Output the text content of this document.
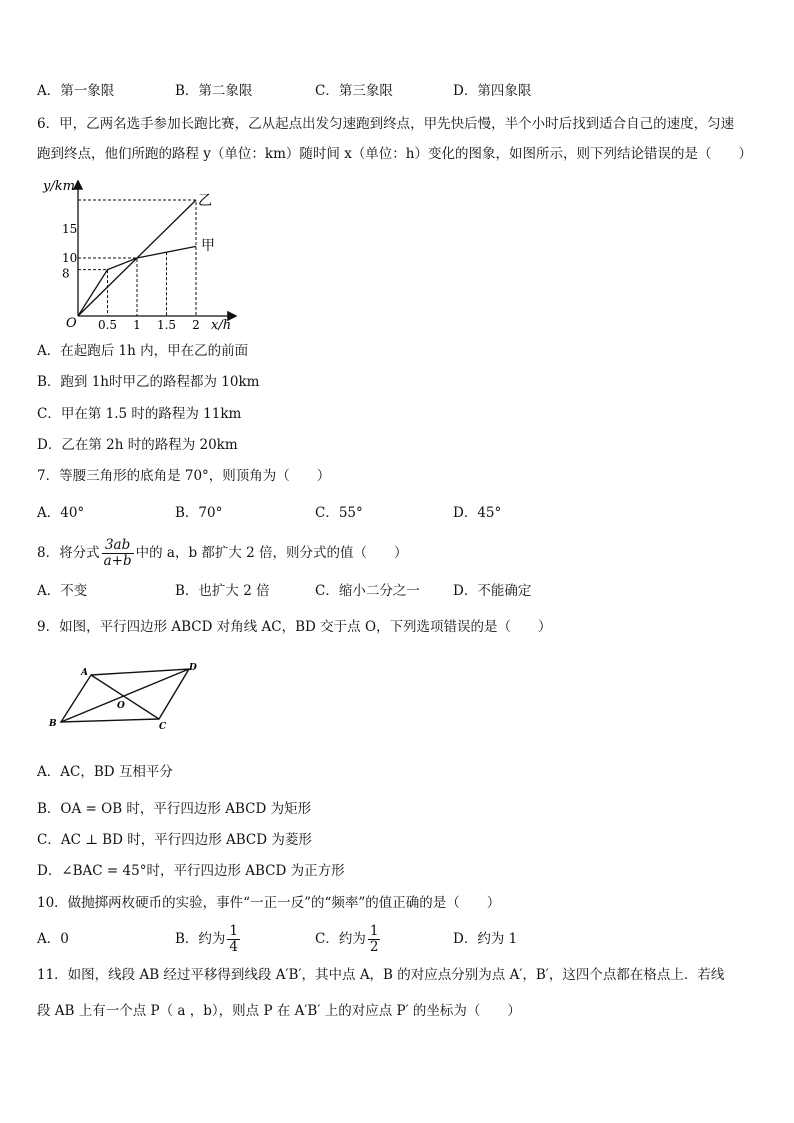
A．第一象限	B．第二象限	C．第三象限	D．第四象限
6．甲，乙两名选手参加长跑比赛，乙从起点出发匀速跑到终点，甲先快后慢，半个小时后找到适合自己的速度，匀速
跑到终点，他们所跑的路程 y（单位：km）随时间 x（单位：h）变化的图象，如图所示，则下列结论错误的是（　　）
15
10
8
0.5 1 1.5 2
y/km
x/h
O
乙
甲
A．在起跑后 1h 内，甲在乙的前面
B．跑到 1h时甲乙的路程都为 10km
C．甲在第 1.5 时的路程为 11km
D．乙在第 2h 时的路程为 20km
7．等腰三角形的底角是 70°，则顶角为（　　）
A．40°	B．70°	C．55°	D．45°
8．将分式 $\frac{3ab}{a+b}$ 中的 a，b 都扩大 2 倍，则分式的值（　　）
A．不变	B．也扩大 2 倍	C．缩小二分之一 D．不能确定
9．如图，平行四边形 ABCD 对角线 AC，BD 交于点 O，下列选项错误的是（　　）
A	D
B	C
O
A．AC，BD 互相平分
B．OA = OB 时，平行四边形 ABCD 为矩形
C．AC ⊥ BD 时，平行四边形 ABCD 为菱形
D．∠BAC = 45°时，平行四边形 ABCD 为正方形
10．做抛掷两枚硬币的实验，事件“一正一反”的“频率”的值正确的是（　　）
A．0	B．约为 $\frac{1}{4}$	C．约为 $\frac{1}{2}$	D．约为 1
11．如图，线段 AB 经过平移得到线段 A′B′，其中点 A，B 的对应点分别为点 A′，B′，这四个点都在格点上．若线
段 AB 上有一个点 P（ a ，b），则点 P 在 A′B′ 上的对应点 P′ 的坐标为（　　）
